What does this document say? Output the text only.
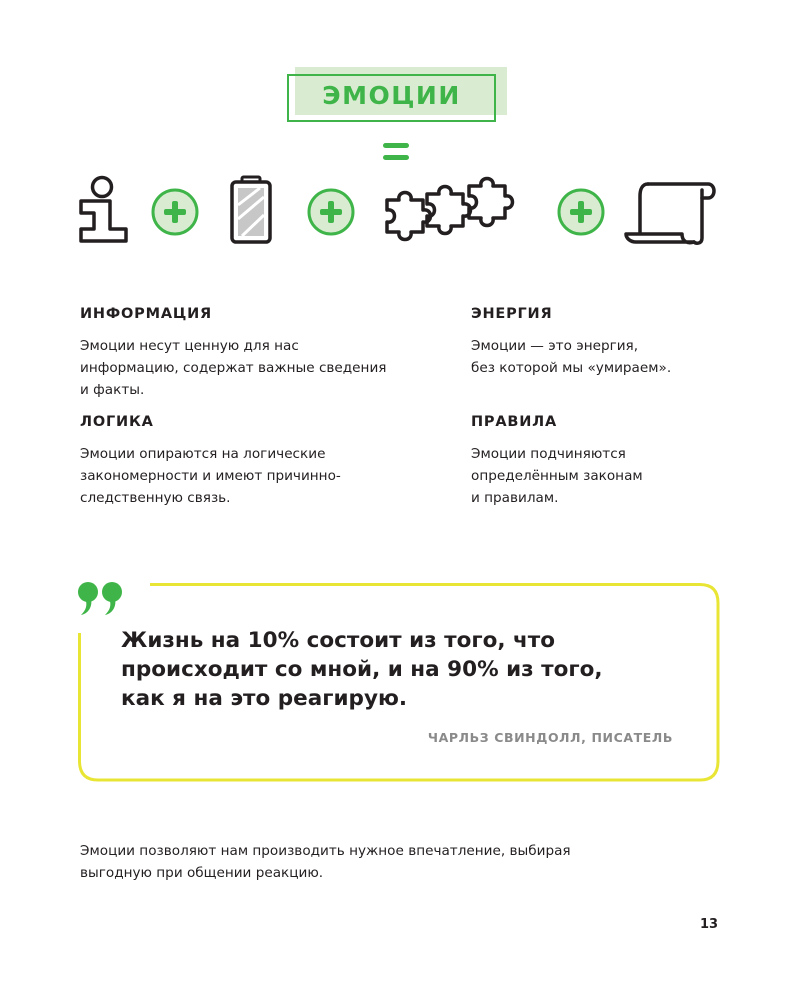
ЭМОЦИИ
ИНФОРМАЦИЯ
Эмоции несут ценную для нас
информацию, содержат важные сведения
и факты.
ЭНЕРГИЯ
Эмоции — это энергия,
без которой мы «умираем».
ЛОГИКА
Эмоции опираются на логические
закономерности и имеют причинно-
следственную связь.
ПРАВИЛА
Эмоции подчиняются
определённым законам
и правилам.
Жизнь на 10% состоит из того, что
происходит со мной, и на 90% из того,
как я на это реагирую.
ЧАРЛЬЗ СВИНДОЛЛ, ПИСАТЕЛЬ
Эмоции позволяют нам производить нужное впечатление, выбирая
выгодную при общении реакцию.
13
